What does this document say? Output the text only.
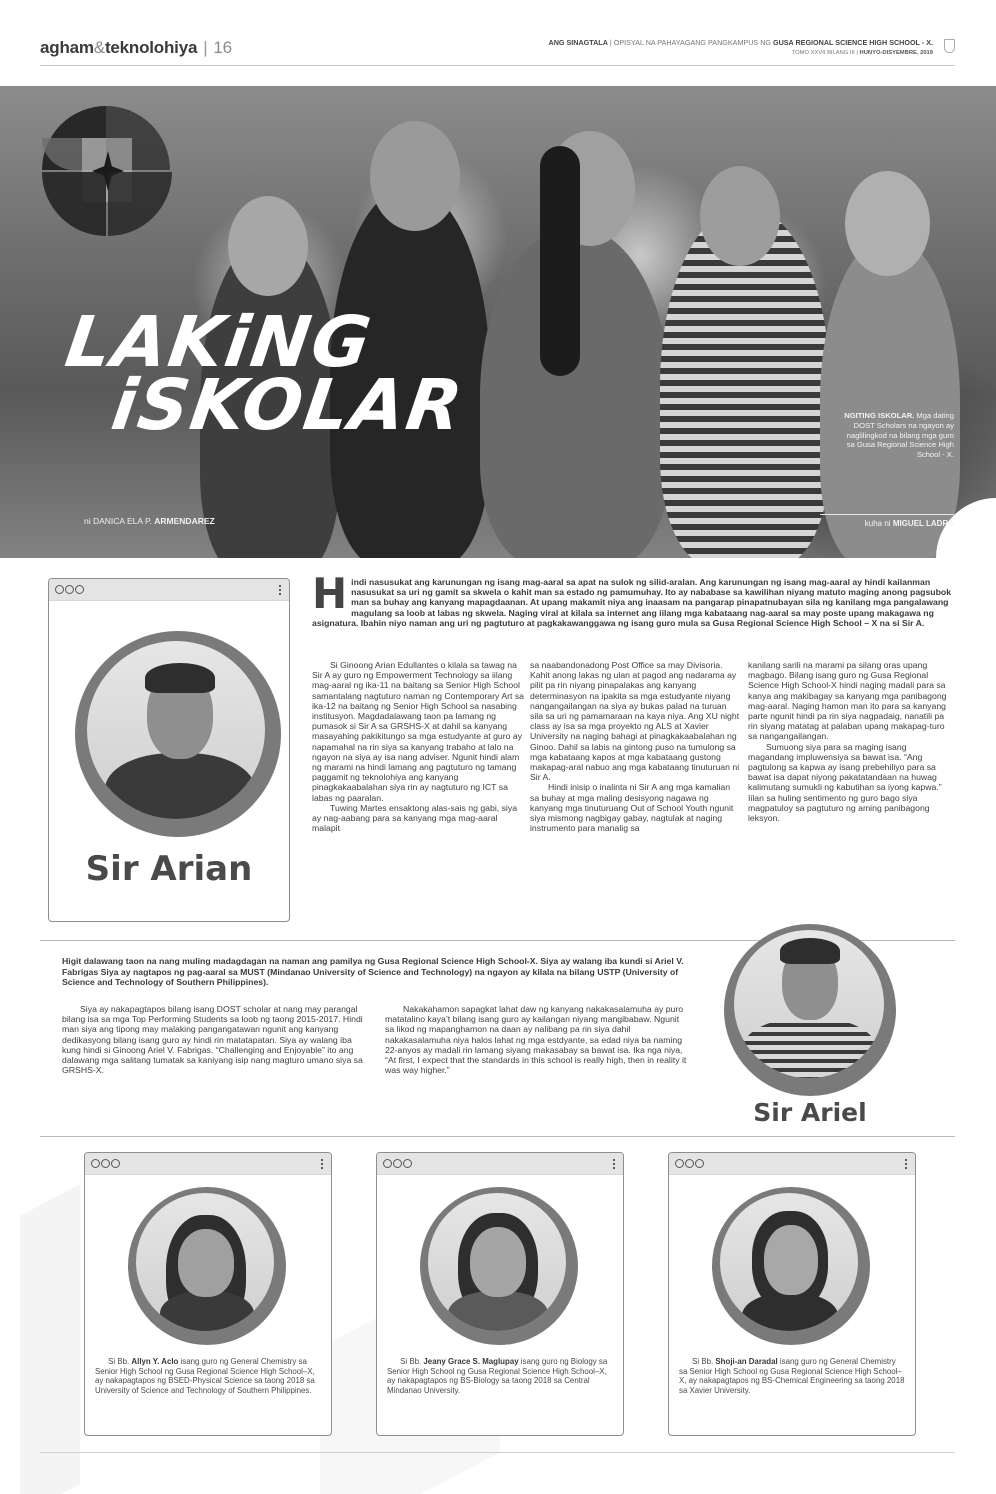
agham&teknolohiya | 16	ANG SINAGTALA | OPISYAL NA PAHAYAGANG PANGKAMPUS NG GUSA REGIONAL SCIENCE HIGH SCHOOL - X.
TOMO XXVII BILANG III | HUNYO-DISYEMBRE, 2019
LAKiNG
iSKOLAR
ni DANICA ELA P. ARMENDAREZ
NGITING ISKOLAR. Mga dating DOST Scholars na ngayon ay naglilingkod na bilang mga guro sa Gusa Regional Science High School - X.
kuha ni MIGUEL LADRA
Sir Arian
Hindi nasusukat ang karunungan ng isang mag-aaral sa apat na sulok ng silid-aralan. Ang karunungan ng isang mag-aaral ay hindi kailanman nasusukat sa uri ng gamit sa skwela o kahit man sa estado ng pamumuhay. Ito ay nababase sa kawilihan niyang matuto maging anong pagsubok man sa buhay ang kanyang mapagdaanan. At upang makamit niya ang inaasam na pangarap pinapatnubayan sila ng kanilang mga pangalawang magulang sa loob at labas ng skwela. Naging viral at kilala sa internet ang iilang mga kabataang nag-aaral sa may poste upang makagawa ng asignatura. Ibahin niyo naman ang uri ng pagtuturo at pagkakawanggawa ng isang guro mula sa Gusa Regional Science High School – X na si Sir A.

Si Ginoong Arian Edullantes o kilala sa tawag na Sir A ay guro ng Empowerment Technology sa iilang mag-aaral ng ika-11 na baitang sa Senior High School samantalang nagtuturo naman ng Contemporary Art sa ika-12 na baitang ng Senior High School sa nasabing institusyon. Magdadalawang taon pa lamang ng pumasok si Sir A sa GRSHS-X at dahil sa kanyang masayahing pakikitungo sa mga estudyante at guro ay napamahal na rin siya sa kanyang trabaho at lalo na ngayon na siya ay isa nang adviser. Ngunit hindi alam ng marami na hindi lamang ang pagtuturo ng tamang paggamit ng teknolohiya ang kanyang pinagkakaabalahan siya rin ay nagtuturo ng ICT sa labas ng paaralan.

Tuwing Martes ensaktong alas-sais ng gabi, siya ay nag-aabang para sa kanyang mga mag-aaral malapit

sa naabandonadong Post Office sa may Divisoria. Kahit anong lakas ng ulan at pagod ang nadarama ay pilit pa rin niyang pinapalakas ang kanyang determinasyon na ipakita sa mga estudyante niyang nangangailangan na siya ay bukas palad na turuan sila sa uri ng pamamaraan na kaya niya. Ang XU night class ay isa sa mga proyekto ng ALS at Xavier University na naging bahagi at pinagkakaabalahan ng Ginoo. Dahil sa labis na gintong puso na tumulong sa mga kabataang kapos at mga kabataang gustong makapag-aral nabuo ang mga kabataang tinuturuan ni Sir A.

Hindi inisip o inalinta ni Sir A ang mga kamalian sa buhay at mga maling desisyong nagawa ng kanyang mga tinuturuang Out of School Youth ngunit siya mismong nagbigay gabay, nagtulak at naging instrumento para manalig sa

kanilang sarili na marami pa silang oras upang magbago. Bilang isang guro ng Gusa Regional Science High School-X hindi naging madali para sa kanya ang makibagay sa kanyang mga panibagong mag-aaral. Naging hamon man ito para sa kanyang parte ngunit hindi pa rin siya nagpadaig, nanatili pa rin siyang matatag at palaban upang makapag-turo sa nangangailangan.

Sumuong siya para sa maging isang magandang impluwensiya sa bawat isa. “Ang pagtulong sa kapwa ay isang prebehiliyo para sa bawat isa dapat niyong pakatatandaan na huwag kalimutang sumukli ng kabutihan sa iyong kapwa.” Iilan sa huling sentimento ng guro bago siya magpatuloy sa pagtuturo ng aming panibagong leksyon.

Higit dalawang taon na nang muling madagdagan na naman ang pamilya ng Gusa Regional Science High School-X. Siya ay walang iba kundi si Ariel V. Fabrigas Siya ay nagtapos ng pag-aaral sa MUST (Mindanao University of Science and Technology) na ngayon ay kilala na bilang USTP (University of Science and Technology of Southern Philippines).

Siya ay nakapagtapos bilang isang DOST scholar at nang may parangal bilang isa sa mga Top Performing Students sa loob ng taong 2015-2017. Hindi man siya ang tipong may malaking pangangatawan ngunit ang kanyang dedikasyong bilang isang guro ay hindi rin matatapatan. Siya ay walang iba kung hindi si Ginoong Ariel V. Fabrigas. “Challenging and Enjoyable” ito ang dalawang mga salitang tumatak sa kaniyang isip nang magturo umano siya sa GRSHS-X.

Nakakahamon sapagkat lahat daw ng kanyang nakakasalamuha ay puro matatalino kaya’t bilang isang guro ay kailangan niyang mangibabaw. Ngunit sa likod ng mapanghamon na daan ay nalibang pa rin siya dahil nakakasalamuha niya halos lahat ng mga estdyante, sa edad niya ba naming 22-anyos ay madali rin lamang siyang makasabay sa bawat isa. Ika nga niya, “At first, I expect that the standards in this school is really high, then in reality it was way higher.”

Sir Ariel
Si Bb. Allyn Y. Aclo isang guro ng General Chemistry sa Senior High School ng Gusa Regional Science High School–X, ay nakapagtapos ng BSED-Physical Science sa taong 2018 sa University of Science and Technology of Southern Philippines.
Si Bb. Jeany Grace S. Maglupay isang guro ng Biology sa Senior High School ng Gusa Regional Science High School–X, ay nakapagtapos ng BS-Biology sa taong 2018 sa Central Mindanao University.
Si Bb. Shoji-an Daradal isang guro ng General Chemistry sa Senior High School ng Gusa Regional Science High School–X, ay nakapagtapos ng BS-Chemical Engineering sa taong 2018 sa Xavier University.
